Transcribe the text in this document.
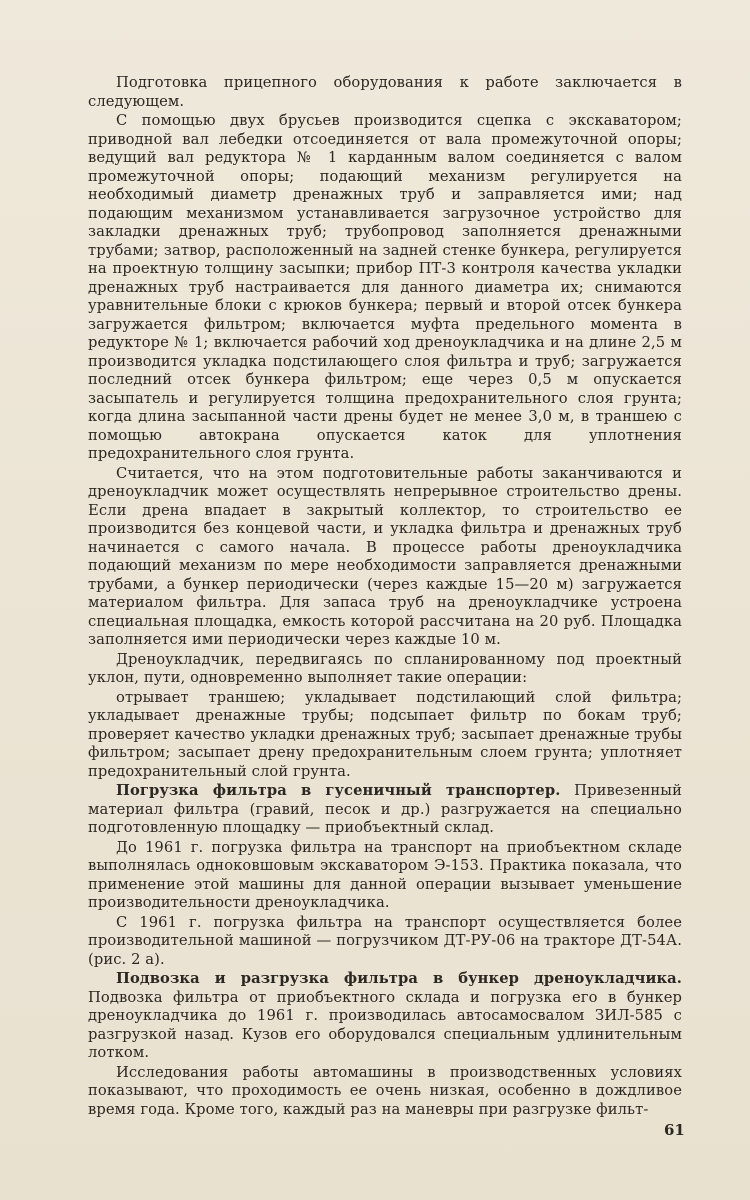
Подготовка прицепного оборудования к работе заключается в следующем.

С помощью двух брусьев производится сцепка с экскаватором; приводной вал лебедки отсоединяется от вала промежуточной опоры; ведущий вал редуктора № 1 карданным валом соединяется с валом промежуточной опоры; подающий механизм регулируется на необходимый диаметр дренажных труб и заправляется ими; над подающим механизмом устанавливается загрузочное устройство для закладки дренажных труб; трубопровод заполняется дренажными трубами; затвор, расположенный на задней стенке бункера, регулируется на проектную толщину засыпки; прибор ПТ-3 контроля качества укладки дренажных труб настраивается для данного диаметра их; снимаются уравнительные блоки с крюков бункера; первый и второй отсек бункера загружается фильтром; включается муфта предельного момента в редукторе № 1; включается рабочий ход дреноукладчика и на длине 2,5 м производится укладка подстилающего слоя фильтра и труб; загружается последний отсек бункера фильтром; еще через 0,5 м опускается засыпатель и регулируется толщина предохранительного слоя грунта; когда длина засыпанной части дрены будет не менее 3,0 м, в траншею с помощью автокрана опускается каток для уплотнения предохранительного слоя грунта.

Считается, что на этом подготовительные работы заканчиваются и дреноукладчик может осуществлять непрерывное строительство дрены. Если дрена впадает в закрытый коллектор, то строительство ее производится без концевой части, и укладка фильтра и дренажных труб начинается с самого начала. В процессе работы дреноукладчика подающий механизм по мере необходимости заправляется дренажными трубами, а бункер периодически (через каждые 15—20 м) загружается материалом фильтра. Для запаса труб на дреноукладчике устроена специальная площадка, емкость которой рассчитана на 20 руб. Площадка заполняется ими периодически через каждые 10 м.

Дреноукладчик, передвигаясь по спланированному под проектный уклон, пути, одновременно выполняет такие операции:

отрывает траншею; укладывает подстилающий слой фильтра; укладывает дренажные трубы; подсыпает фильтр по бокам труб; проверяет качество укладки дренажных труб; засыпает дренажные трубы фильтром; засыпает дрену предохранительным слоем грунта; уплотняет предохранительный слой грунта.

Погрузка фильтра в гусеничный транспортер. Привезенный материал фильтра (гравий, песок и др.) разгружается на специально подготовленную площадку — приобъектный склад.

До 1961 г. погрузка фильтра на транспорт на приобъектном складе выполнялась одноковшовым экскаватором Э-153. Практика показала, что применение этой машины для данной операции вызывает уменьшение производительности дреноукладчика.

С 1961 г. погрузка фильтра на транспорт осуществляется более производительной машиной — погрузчиком ДТ-РУ-06 на тракторе ДТ-54А. (рис. 2 а).

Подвозка и разгрузка фильтра в бункер дреноукладчика. Подвозка фильтра от приобъектного склада и погрузка его в бункер дреноукладчика до 1961 г. производилась автосамосвалом ЗИЛ-585 с разгрузкой назад. Кузов его оборудовался специальным удлинительным лотком.

Исследования работы автомашины в производственных условиях показывают, что проходимость ее очень низкая, особенно в дождливое время года. Кроме того, каждый раз на маневры при разгрузке фильт-

61
